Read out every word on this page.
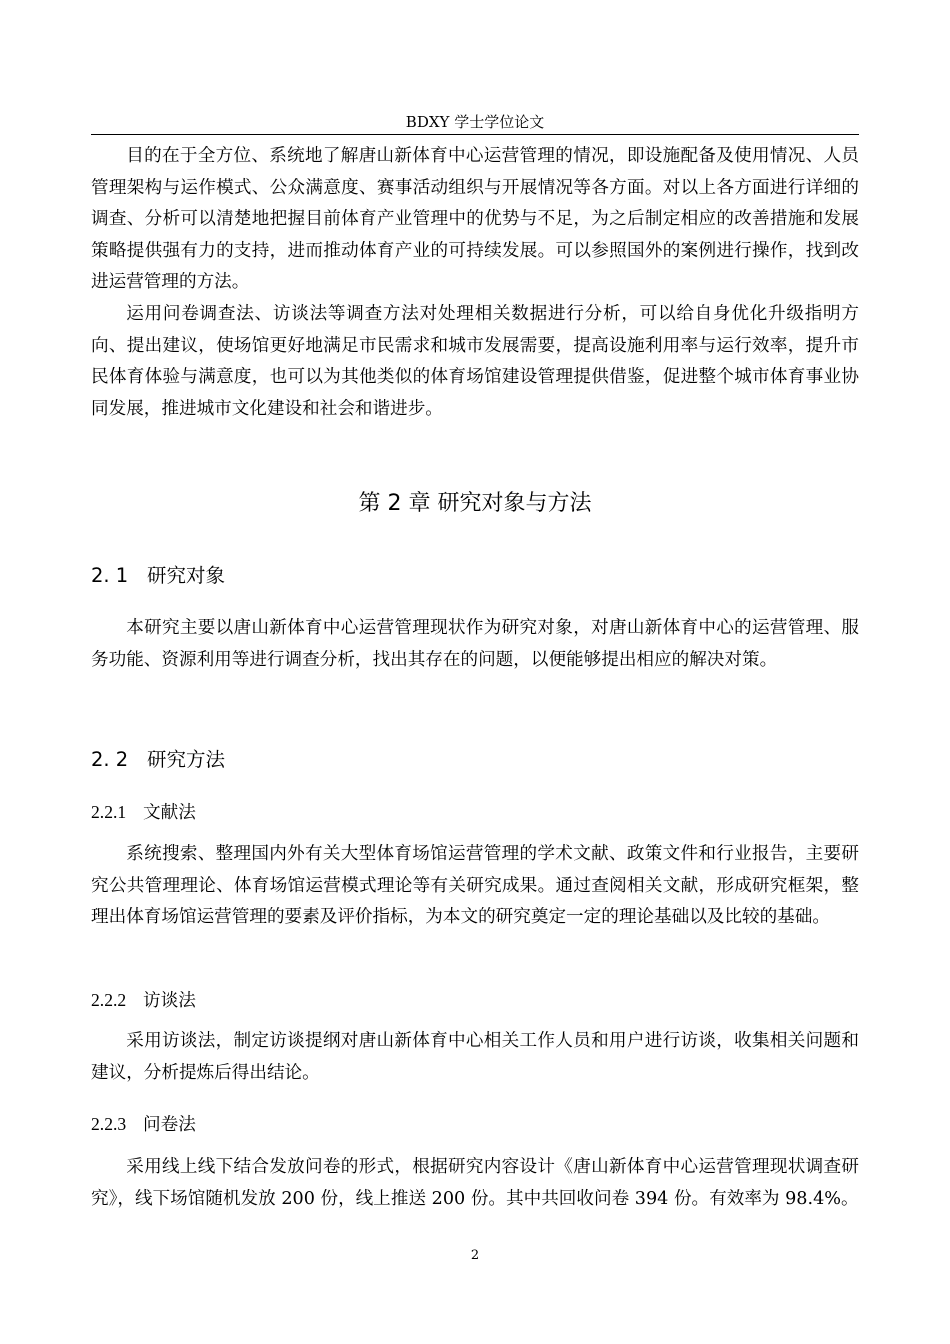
BDXY 学士学位论文

目的在于全方位、系统地了解唐山新体育中心运营管理的情况，即设施配备及使用情况、人员管理架构与运作模式、公众满意度、赛事活动组织与开展情况等各方面。对以上各方面进行详细的调查、分析可以清楚地把握目前体育产业管理中的优势与不足，为之后制定相应的改善措施和发展策略提供强有力的支持，进而推动体育产业的可持续发展。可以参照国外的案例进行操作，找到改进运营管理的方法。

运用问卷调查法、访谈法等调查方法对处理相关数据进行分析，可以给自身优化升级指明方向、提出建议，使场馆更好地满足市民需求和城市发展需要，提高设施利用率与运行效率，提升市民体育体验与满意度，也可以为其他类似的体育场馆建设管理提供借鉴，促进整个城市体育事业协同发展，推进城市文化建设和社会和谐进步。

第 2 章 研究对象与方法
2. 1 研究对象

本研究主要以唐山新体育中心运营管理现状作为研究对象，对唐山新体育中心的运营管理、服务功能、资源利用等进行调查分析，找出其存在的问题，以便能够提出相应的解决对策。

2. 2 研究方法
2.2.1 文献法

系统搜索、整理国内外有关大型体育场馆运营管理的学术文献、政策文件和行业报告，主要研究公共管理理论、体育场馆运营模式理论等有关研究成果。通过查阅相关文献，形成研究框架，整理出体育场馆运营管理的要素及评价指标，为本文的研究奠定一定的理论基础以及比较的基础。

2.2.2 访谈法

采用访谈法，制定访谈提纲对唐山新体育中心相关工作人员和用户进行访谈，收集相关问题和建议，分析提炼后得出结论。

2.2.3 问卷法

采用线上线下结合发放问卷的形式，根据研究内容设计《唐山新体育中心运营管理现状调查研究》，线下场馆随机发放 200 份，线上推送 200 份。其中共回收问卷 394 份。有效率为 98.4%。

2
